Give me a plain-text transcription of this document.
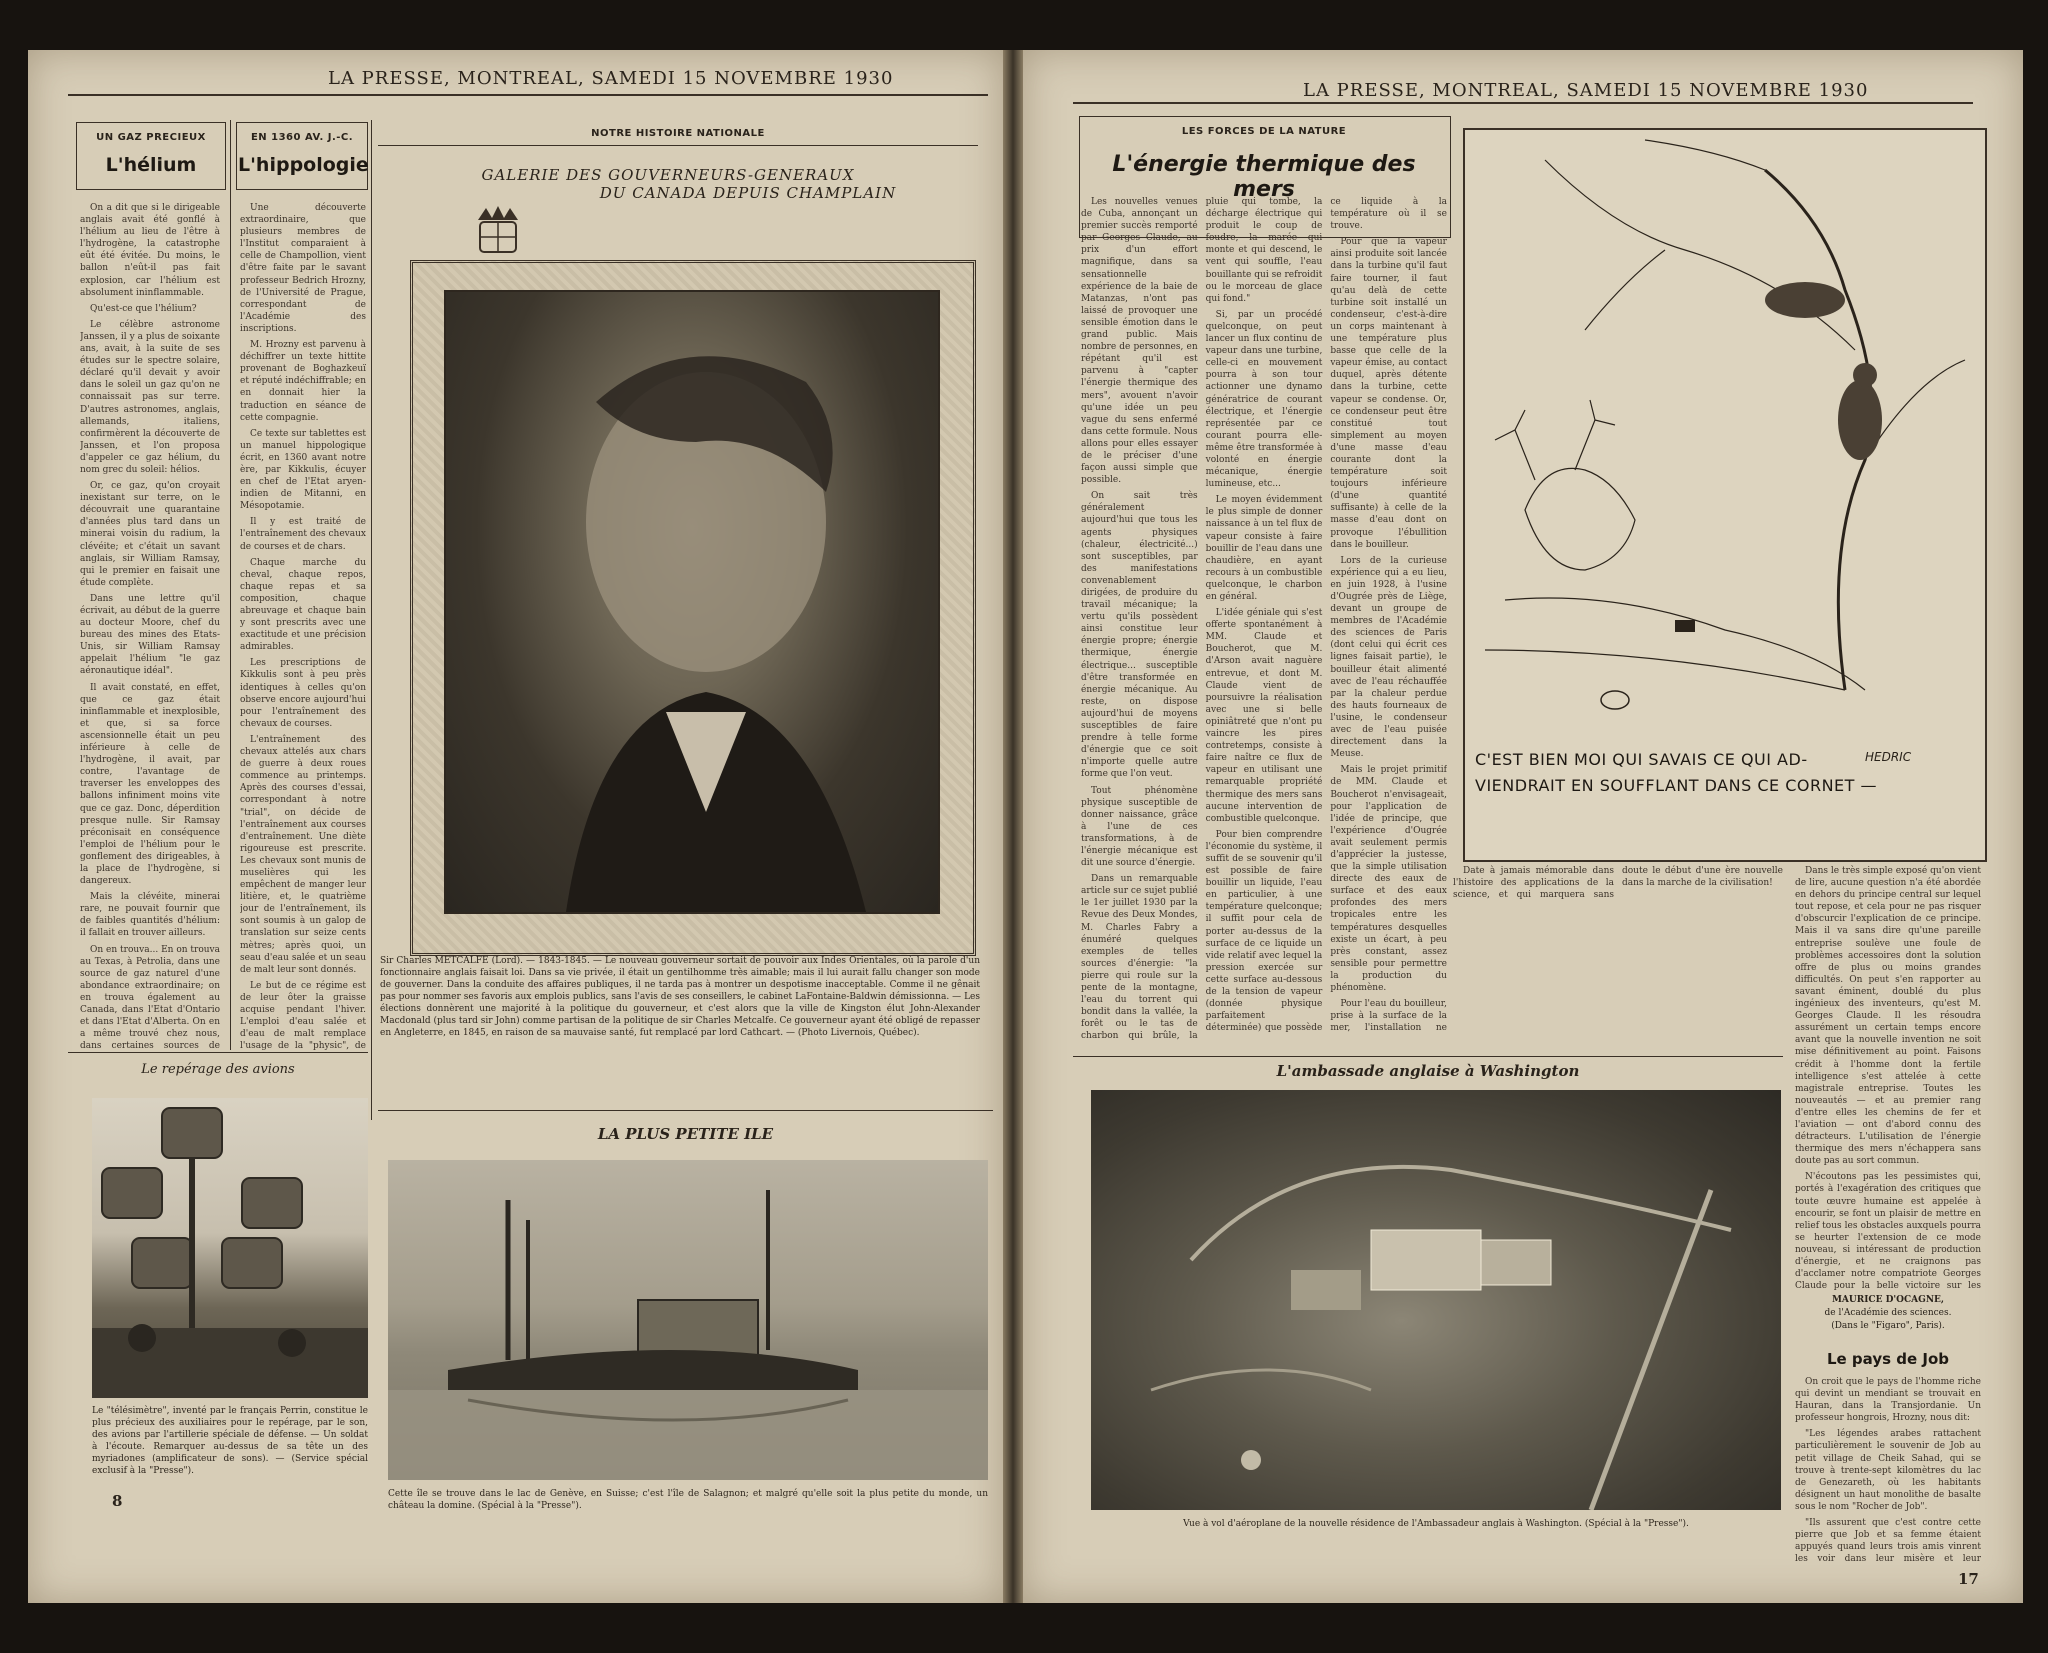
LA PRESSE, MONTREAL, SAMEDI 15 NOVEMBRE 1930
UN GAZ PRECIEUX
L'hélium

On a dit que si le dirigeable anglais avait été gonflé à l'hélium au lieu de l'être à l'hydrogène, la catastrophe eût été évitée. Du moins, le ballon n'eût-il pas fait explosion, car l'hélium est absolument ininflammable.

Qu'est-ce que l'hélium?

Le célèbre astronome Janssen, il y a plus de soixante ans, avait, à la suite de ses études sur le spectre solaire, déclaré qu'il devait y avoir dans le soleil un gaz qu'on ne connaissait pas sur terre. D'autres astronomes, anglais, allemands, italiens, confirmèrent la découverte de Janssen, et l'on proposa d'appeler ce gaz hélium, du nom grec du soleil: hélios.

Or, ce gaz, qu'on croyait inexistant sur terre, on le découvrait une quarantaine d'années plus tard dans un minerai voisin du radium, la clévéite; et c'était un savant anglais, sir William Ramsay, qui le premier en faisait une étude complète.

Dans une lettre qu'il écrivait, au début de la guerre au docteur Moore, chef du bureau des mines des Etats-Unis, sir William Ramsay appelait l'hélium "le gaz aéronautique idéal".

Il avait constaté, en effet, que ce gaz était ininflammable et inexplosible, et que, si sa force ascensionnelle était un peu inférieure à celle de l'hydrogène, il avait, par contre, l'avantage de traverser les enveloppes des ballons infiniment moins vite que ce gaz. Donc, déperdition presque nulle. Sir Ramsay préconisait en conséquence l'emploi de l'hélium pour le gonflement des dirigeables, à la place de l'hydrogène, si dangereux.

Mais la clévéite, minerai rare, ne pouvait fournir que de faibles quantités d'hélium: il fallait en trouver ailleurs.

On en trouva... En on trouva au Texas, à Petrolia, dans une source de gaz naturel d'une abondance extraordinaire; on en trouva également au Canada, dans l'Etat d'Ontario et dans l'Etat d'Alberta. On en a même trouvé chez nous, dans certaines sources de

EN 1360 AV. J.-C.
L'hippologie

Une découverte extraordinaire, que plusieurs membres de l'Institut comparaient à celle de Champollion, vient d'être faite par le savant professeur Bedrich Hrozny, de l'Université de Prague, correspondant de l'Académie des inscriptions.

M. Hrozny est parvenu à déchiffrer un texte hittite provenant de Boghazkeuï et réputé indéchiffrable; en en donnait hier la traduction en séance de cette compagnie.

Ce texte sur tablettes est un manuel hippologique écrit, en 1360 avant notre ère, par Kikkulis, écuyer en chef de l'Etat aryen-indien de Mitanni, en Mésopotamie.

Il y est traité de l'entraînement des chevaux de courses et de chars.

Chaque marche du cheval, chaque repos, chaque repas et sa composition, chaque abreuvage et chaque bain y sont prescrits avec une exactitude et une précision admirables.

Les prescriptions de Kikkulis sont à peu près identiques à celles qu'on observe encore aujourd'hui pour l'entraînement des chevaux de courses.

L'entraînement des chevaux attelés aux chars de guerre à deux roues commence au printemps. Après des courses d'essai, correspondant à notre "trial", on décide de l'entraînement aux courses d'entraînement. Une diète rigoureuse est prescrite. Les chevaux sont munis de muselières qui les empêchent de manger leur litière, et, le quatrième jour de l'entraînement, ils sont soumis à un galop de translation sur seize cents mètres; après quoi, un seau d'eau salée et un seau de malt leur sont donnés.

Le but de ce régime est de leur ôter la graisse acquise pendant l'hiver. L'emploi d'eau salée et d'eau de malt remplace l'usage de la "physic", de

NOTRE HISTOIRE NATIONALE
GALERIE DES GOUVERNEURS-GENERAUX
DU CANADA DEPUIS CHAMPLAIN
Sir Charles METCALFE (Lord). — 1843-1845. — Le nouveau gouverneur sortait de pouvoir aux Indes Orientales, où la parole d'un fonctionnaire anglais faisait loi. Dans sa vie privée, il était un gentilhomme très aimable; mais il lui aurait fallu changer son mode de gouverner. Dans la conduite des affaires publiques, il ne tarda pas à montrer un despotisme inacceptable. Comme il ne gênait pas pour nommer ses favoris aux emplois publics, sans l'avis de ses conseillers, le cabinet LaFontaine-Baldwin démissionna. — Les élections donnèrent une majorité à la politique du gouverneur, et c'est alors que la ville de Kingston élut John-Alexander Macdonald (plus tard sir John) comme partisan de la politique de sir Charles Metcalfe. Ce gouverneur ayant été obligé de repasser en Angleterre, en 1845, en raison de sa mauvaise santé, fut remplacé par lord Cathcart. — (Photo Livernois, Québec).
Le repérage des avions
Le "télésimètre", inventé par le français Perrin, constitue le plus précieux des auxiliaires pour le repérage, par le son, des avions par l'artillerie spéciale de défense. — Un soldat à l'écoute. Remarquer au-dessus de sa tête un des myriadones (amplificateur de sons). — (Service spécial exclusif à la "Presse").
8
LA PLUS PETITE ILE
Cette île se trouve dans le lac de Genève, en Suisse; c'est l'île de Salagnon; et malgré qu'elle soit la plus petite du monde, un château la domine. (Spécial à la "Presse").
LA PRESSE, MONTREAL, SAMEDI 15 NOVEMBRE 1930
LES FORCES DE LA NATURE
L'énergie thermique des mers

Les nouvelles venues de Cuba, annonçant un premier succès remporté par Georges Claude, au prix d'un effort magnifique, dans sa sensationnelle expérience de la baie de Matanzas, n'ont pas laissé de provoquer une sensible émotion dans le grand public. Mais nombre de personnes, en répétant qu'il est parvenu à "capter l'énergie thermique des mers", avouent n'avoir qu'une idée un peu vague du sens enfermé dans cette formule. Nous allons pour elles essayer de le préciser d'une façon aussi simple que possible.

On sait très généralement aujourd'hui que tous les agents physiques (chaleur, électricité...) sont susceptibles, par des manifestations convenablement dirigées, de produire du travail mécanique; la vertu qu'ils possèdent ainsi constitue leur énergie propre; énergie thermique, énergie électrique... susceptible d'être transformée en énergie mécanique. Au reste, on dispose aujourd'hui de moyens susceptibles de faire prendre à telle forme d'énergie que ce soit n'importe quelle autre forme que l'on veut.

Tout phénomène physique susceptible de donner naissance, grâce à l'une de ces transformations, à de l'énergie mécanique est dit une source d'énergie.

Dans un remarquable article sur ce sujet publié le 1er juillet 1930 par la Revue des Deux Mondes, M. Charles Fabry a énuméré quelques exemples de telles sources d'énergie: "la pierre qui roule sur la pente de la montagne, l'eau du torrent qui bondit dans la vallée, la forêt ou le tas de charbon qui brûle, la pluie qui tombe, la décharge électrique qui produit le coup de foudre, la marée qui monte et qui descend, le vent qui souffle, l'eau bouillante qui se refroidit ou le morceau de glace qui fond."

Si, par un procédé quelconque, on peut lancer un flux continu de vapeur dans une turbine, celle-ci en mouvement pourra à son tour actionner une dynamo génératrice de courant électrique, et l'énergie représentée par ce courant pourra elle-même être transformée à volonté en énergie mécanique, énergie lumineuse, etc...

Le moyen évidemment le plus simple de donner naissance à un tel flux de vapeur consiste à faire bouillir de l'eau dans une chaudière, en ayant recours à un combustible quelconque, le charbon en général.

L'idée géniale qui s'est offerte spontanément à MM. Claude et Boucherot, que M. d'Arson avait naguère entrevue, et dont M. Claude vient de poursuivre la réalisation avec une si belle opiniâtreté que n'ont pu vaincre les pires contretemps, consiste à faire naître ce flux de vapeur en utilisant une remarquable propriété thermique des mers sans aucune intervention de combustible quelconque.

Pour bien comprendre l'économie du système, il suffit de se souvenir qu'il est possible de faire bouillir un liquide, l'eau en particulier, à une température quelconque; il suffit pour cela de porter au-dessus de la surface de ce liquide un vide relatif avec lequel la pression exercée sur cette surface au-dessous de la tension de vapeur (donnée physique parfaitement déterminée) que possède ce liquide à la température où il se trouve.

Pour que la vapeur ainsi produite soit lancée dans la turbine qu'il faut faire tourner, il faut qu'au delà de cette turbine soit installé un condenseur, c'est-à-dire un corps maintenant à une température plus basse que celle de la vapeur émise, au contact duquel, après détente dans la turbine, cette vapeur se condense. Or, ce condenseur peut être constitué tout simplement au moyen d'une masse d'eau courante dont la température soit toujours inférieure (d'une quantité suffisante) à celle de la masse d'eau dont on provoque l'ébullition dans le bouilleur.

Lors de la curieuse expérience qui a eu lieu, en juin 1928, à l'usine d'Ougrée près de Liège, devant un groupe de membres de l'Académie des sciences de Paris (dont celui qui écrit ces lignes faisait partie), le bouilleur était alimenté avec de l'eau réchauffée par la chaleur perdue des hauts fourneaux de l'usine, le condenseur avec de l'eau puisée directement dans la Meuse.

Mais le projet primitif de MM. Claude et Boucherot n'envisageait, pour l'application de l'idée de principe, que l'expérience d'Ougrée avait seulement permis d'apprécier la justesse, que la simple utilisation directe des eaux de surface et des eaux profondes des mers tropicales entre les températures desquelles existe un écart, à peu près constant, assez sensible pour permettre la production du phénomène.

Pour l'eau du bouilleur, prise à la surface de la mer, l'installation ne

Date à jamais mémorable dans l'histoire des applications de la science, et qui marquera sans doute le début d'une ère nouvelle dans la marche de la civilisation!

C'EST BIEN MOI QUI SAVAIS CE QUI AD-
VIENDRAIT EN SOUFFLANT DANS CE CORNET —
HEDRIC
MAURICE D'OCAGNE,
de l'Académie des sciences.
(Dans le "Figaro", Paris).

Dans le très simple exposé qu'on vient de lire, aucune question n'a été abordée en dehors du principe central sur lequel tout repose, et cela pour ne pas risquer d'obscurcir l'explication de ce principe. Mais il va sans dire qu'une pareille entreprise soulève une foule de problèmes accessoires dont la solution offre de plus ou moins grandes difficultés. On peut s'en rapporter au savant éminent, doublé du plus ingénieux des inventeurs, qu'est M. Georges Claude. Il les résoudra assurément un certain temps encore avant que la nouvelle invention ne soit mise définitivement au point. Faisons crédit à l'homme dont la fertile intelligence s'est attelée à cette magistrale entreprise. Toutes les nouveautés — et au premier rang d'entre elles les chemins de fer et l'aviation — ont d'abord connu des détracteurs. L'utilisation de l'énergie thermique des mers n'échappera sans doute pas au sort commun.

N'écoutons pas les pessimistes qui, portés à l'exagération des critiques que toute œuvre humaine est appelée à encourir, se font un plaisir de mettre en relief tous les obstacles auxquels pourra se heurter l'extension de ce mode nouveau, si intéressant de production d'énergie, et ne craignons pas d'acclamer notre compatriote Georges Claude pour la belle victoire sur les

L'ambassade anglaise à Washington
Vue à vol d'aéroplane de la nouvelle résidence de l'Ambassadeur anglais à Washington. (Spécial à la "Presse").
Le pays de Job

On croit que le pays de l'homme riche qui devint un mendiant se trouvait en Hauran, dans la Transjordanie. Un professeur hongrois, Hrozny, nous dit:

"Les légendes arabes rattachent particulièrement le souvenir de Job au petit village de Cheik Sahad, qui se trouve à trente-sept kilomètres du lac de Genezareth, où les habitants désignent un haut monolithe de basalte sous le nom "Rocher de Job".

"Ils assurent que c'est contre cette pierre que Job et sa femme étaient appuyés quand leurs trois amis vinrent les voir dans leur misère et leur

17
